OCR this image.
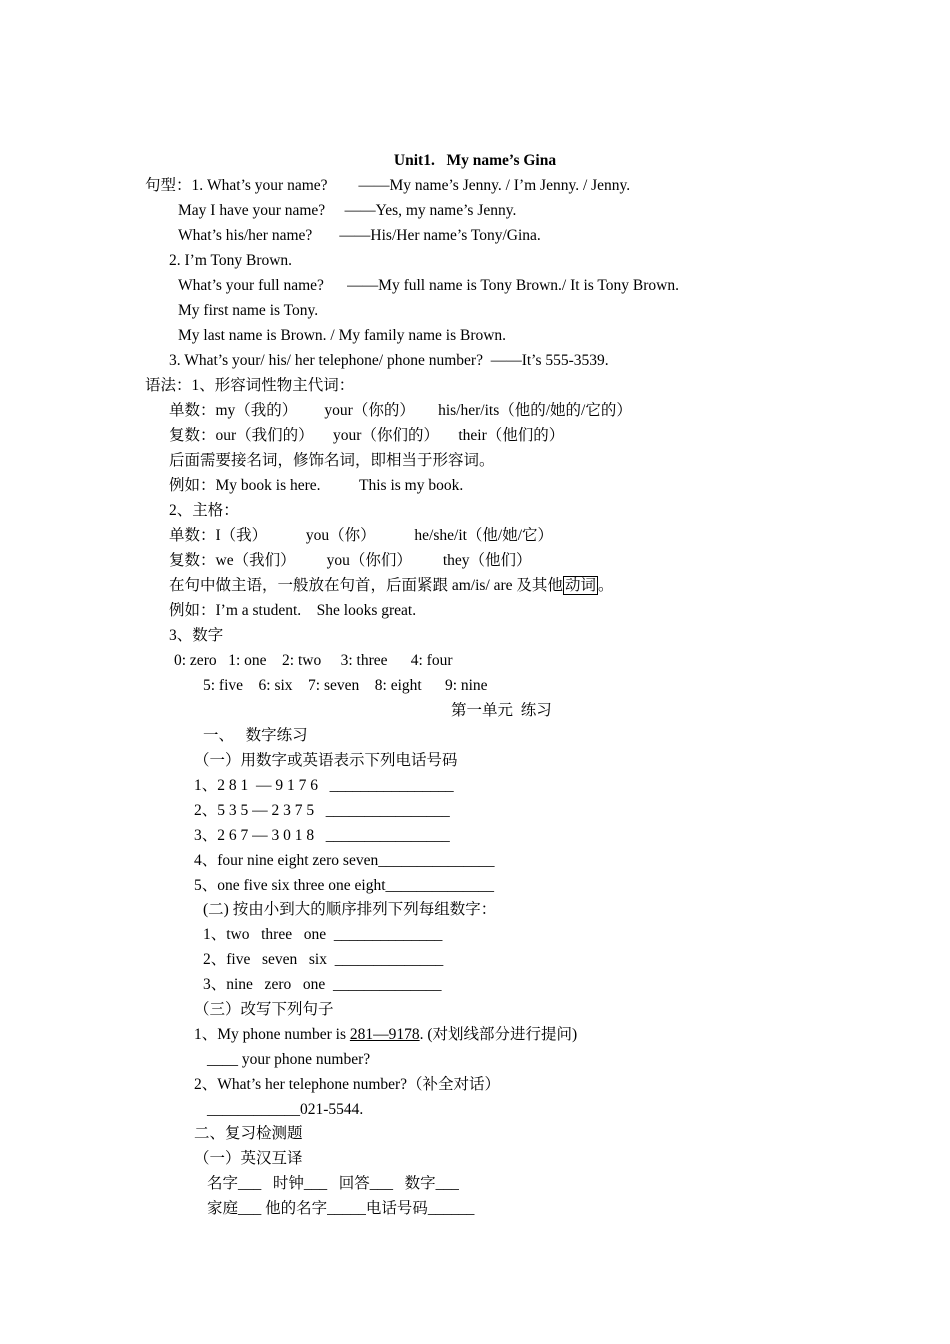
Unit1.   My name’s Gina
句型：1. What’s your name?        ——My name’s Jenny. / I’m Jenny. / Jenny.
May I have your name?     ——Yes, my name’s Jenny.
What’s his/her name?       ——His/Her name’s Tony/Gina.
2. I’m Tony Brown.
What’s your full name?      ——My full name is Tony Brown./ It is Tony Brown.
My first name is Tony.
My last name is Brown. / My family name is Brown.
3. What’s your/ his/ her telephone/ phone number?  ——It’s 555-3539.
语法：1、形容词性物主代词：
单数：my（我的）       your（你的）      his/her/its（他的/她的/它的）
复数：our（我们的）     your（你们的）     their（他们的）
后面需要接名词，修饰名词，即相当于形容词。
例如：My book is here.          This is my book.
2、主格：
单数：I（我）          you（你）          he/she/it（他/她/它）
复数：we（我们）        you（你们）        they（他们）
在句中做主语，一般放在句首，后面紧跟 am/is/ are 及其他 动词 。
例如：I’m a student.    She looks great.
3、数字
0: zero   1: one    2: two     3: three      4: four
5: five    6: six    7: seven    8: eight      9: nine
第一单元  练习
一、   数字练习
（一）用数字或英语表示下列电话号码
1、2 8 1  — 9 1 7 6   ________________
2、5 3 5 — 2 3 7 5   ________________
3、2 6 7 — 3 0 1 8   ________________
4、four nine eight zero seven_______________
5、one five six three one eight______________
(二) 按由小到大的顺序排列下列每组数字：
1、two   three   one  ______________
2、five   seven   six  ______________
3、nine   zero   one  ______________
（三）改写下列句子
1、My phone number is 281—9178. (对划线部分进行提问)
____ your phone number?
2、What’s her telephone number?（补全对话）
____________021-5544.
二、复习检测题
（一）英汉互译
名字___   时钟___   回答___   数字___
家庭___ 他的名字_____电话号码______
